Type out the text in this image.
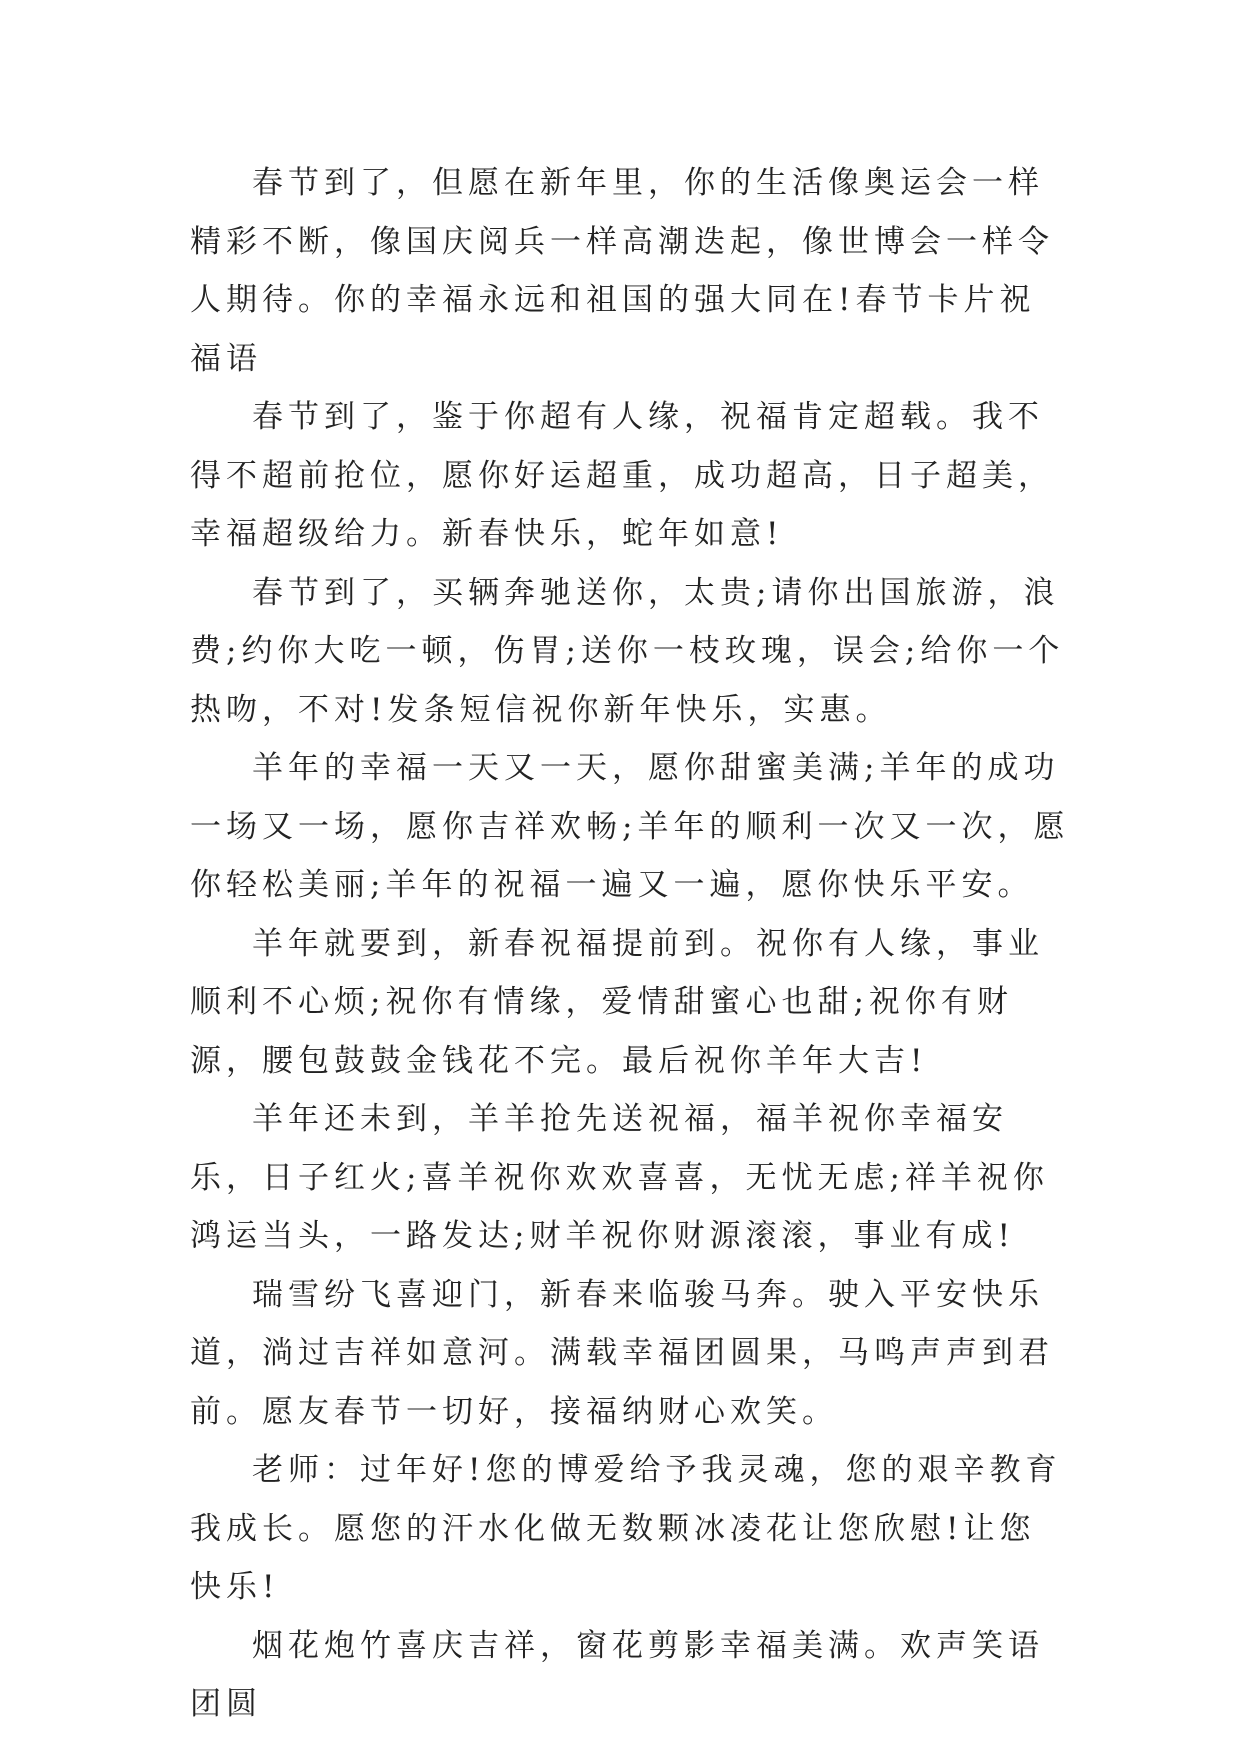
春节到了，但愿在新年里，你的生活像奥运会一样精彩不断，像国庆阅兵一样高潮迭起，像世博会一样令人期待。你的幸福永远和祖国的强大同在!春节卡片祝福语

春节到了，鉴于你超有人缘，祝福肯定超载。我不得不超前抢位，愿你好运超重，成功超高，日子超美，幸福超级给力。新春快乐，蛇年如意!

春节到了，买辆奔驰送你，太贵;请你出国旅游，浪费;约你大吃一顿，伤胃;送你一枝玫瑰，误会;给你一个热吻，不对!发条短信祝你新年快乐，实惠。

羊年的幸福一天又一天，愿你甜蜜美满;羊年的成功一场又一场，愿你吉祥欢畅;羊年的顺利一次又一次，愿你轻松美丽;羊年的祝福一遍又一遍，愿你快乐平安。

羊年就要到，新春祝福提前到。祝你有人缘，事业顺利不心烦;祝你有情缘，爱情甜蜜心也甜;祝你有财源，腰包鼓鼓金钱花不完。最后祝你羊年大吉!

羊年还未到，羊羊抢先送祝福，福羊祝你幸福安乐，日子红火;喜羊祝你欢欢喜喜，无忧无虑;祥羊祝你鸿运当头，一路发达;财羊祝你财源滚滚，事业有成!

瑞雪纷飞喜迎门，新春来临骏马奔。驶入平安快乐道，淌过吉祥如意河。满载幸福团圆果，马鸣声声到君前。愿友春节一切好，接福纳财心欢笑。

老师：过年好!您的博爱给予我灵魂，您的艰辛教育我成长。愿您的汗水化做无数颗冰凌花让您欣慰!让您快乐!

烟花炮竹喜庆吉祥，窗花剪影幸福美满。欢声笑语团圆
